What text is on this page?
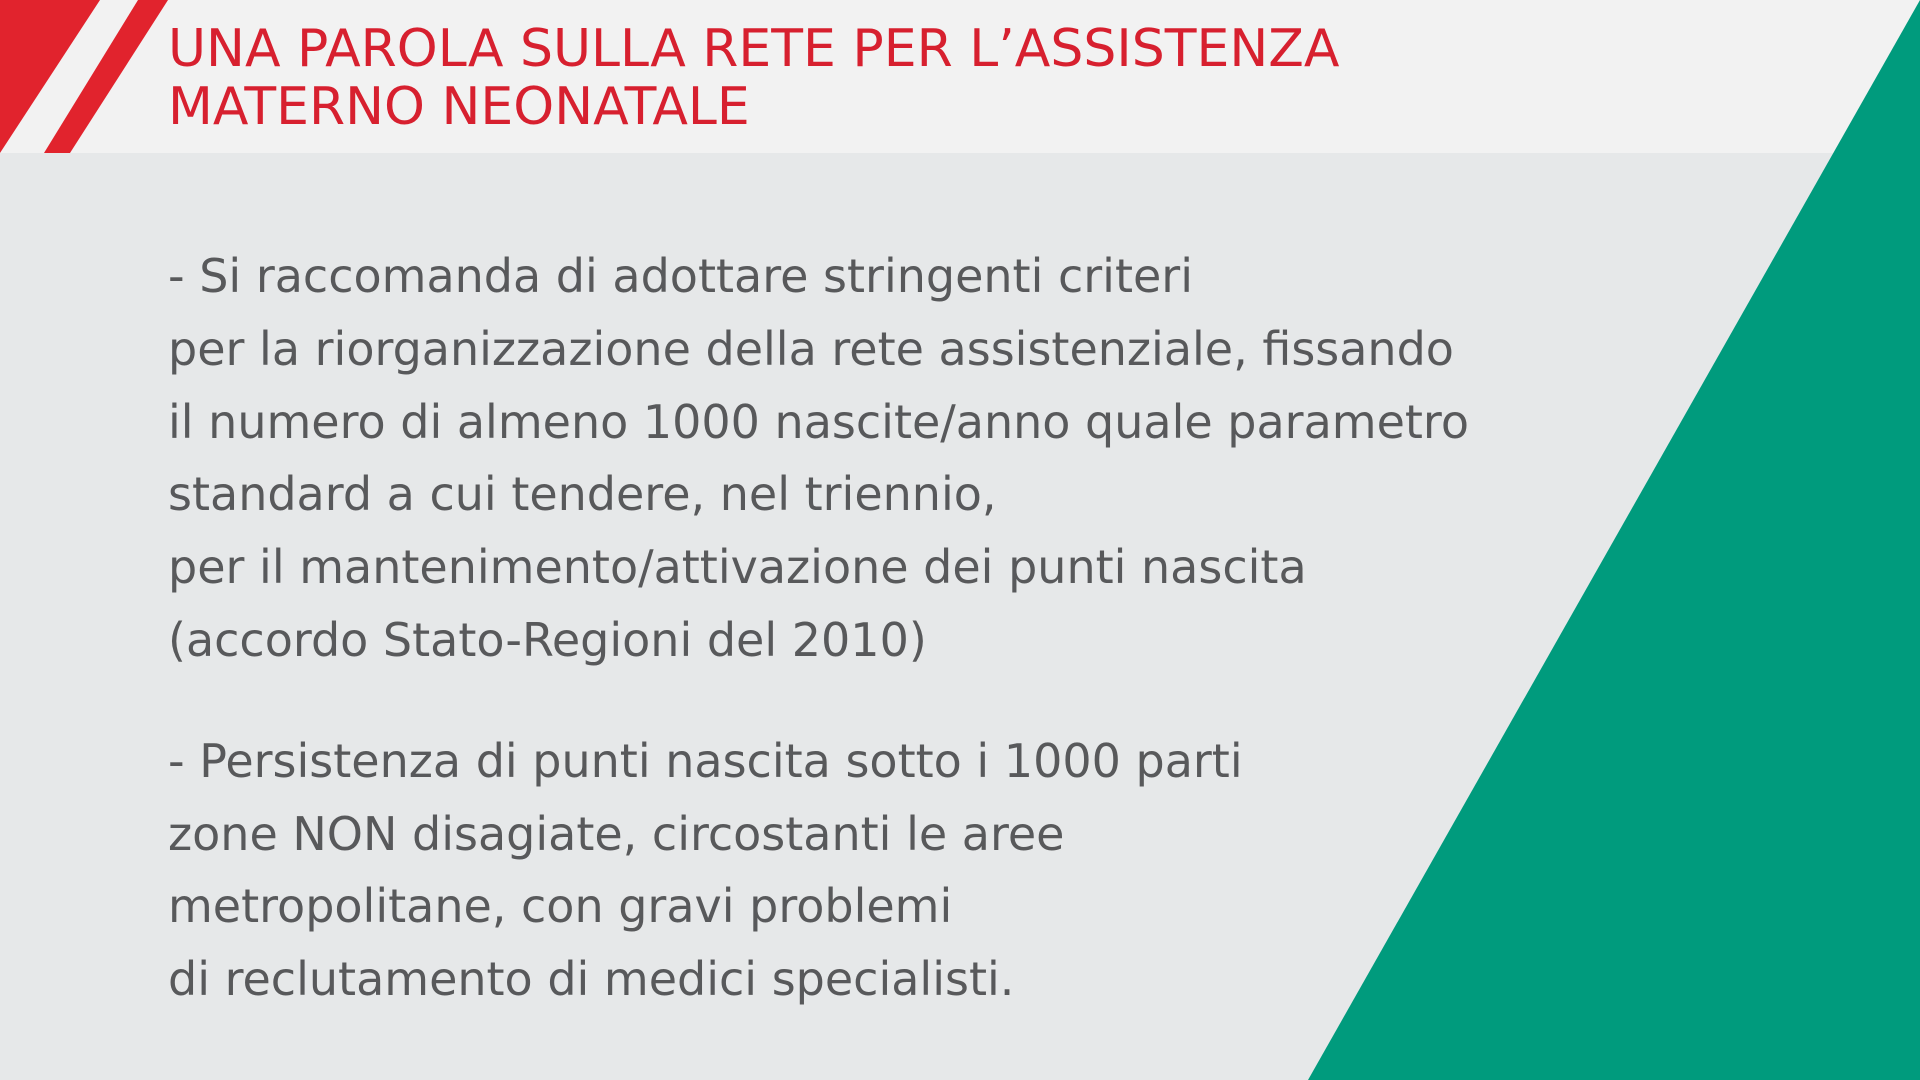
UNA PAROLA SULLA RETE PER L’ASSISTENZA
MATERNO NEONATALE

- Si raccomanda di adottare stringenti criteri
per la riorganizzazione della rete assistenziale, fissando
il numero di almeno 1000 nascite/anno quale parametro
standard a cui tendere, nel triennio,
per il mantenimento/attivazione dei punti nascita
(accordo Stato-Regioni del 2010)

- Persistenza di punti nascita sotto i 1000 parti
zone NON disagiate, circostanti le aree
metropolitane, con gravi problemi
di reclutamento di medici specialisti.
